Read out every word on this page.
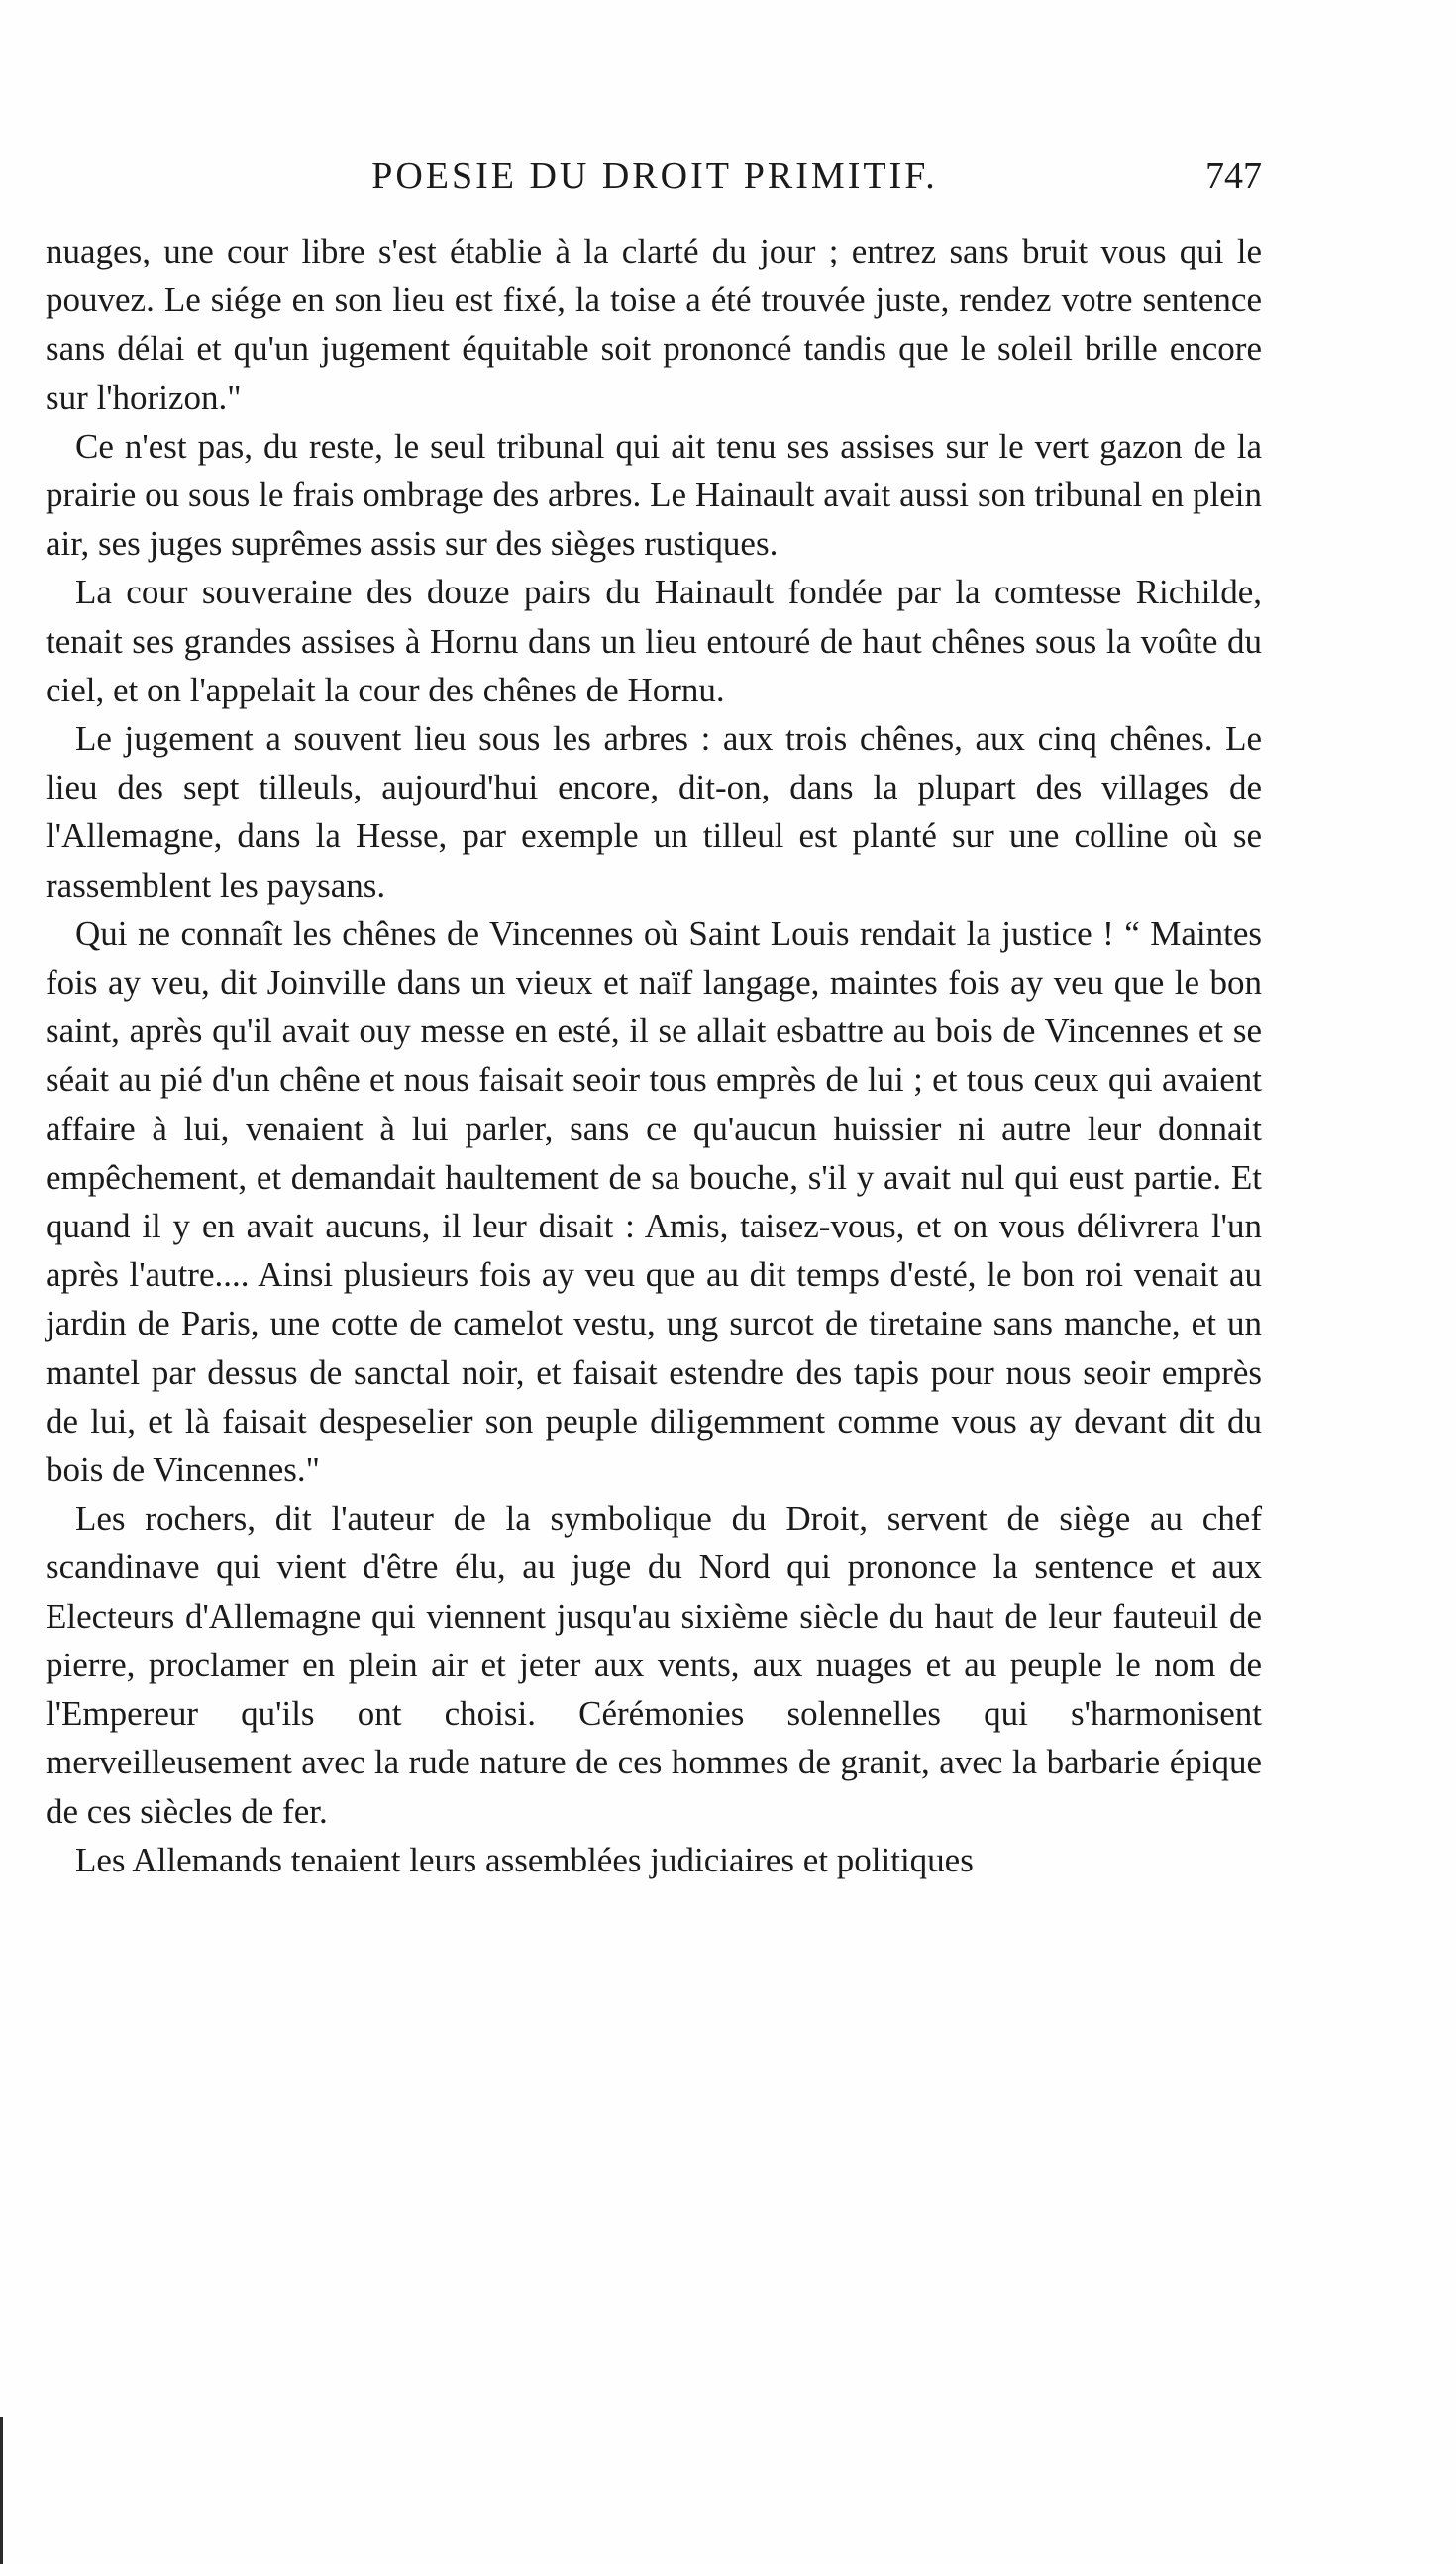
POESIE DU DROIT PRIMITIF.	747

nuages, une cour libre s'est établie à la clarté du jour ; entrez sans bruit vous qui le pouvez. Le siége en son lieu est fixé, la toise a été trouvée juste, rendez votre sentence sans délai et qu'un jugement équitable soit prononcé tandis que le soleil brille encore sur l'horizon."

Ce n'est pas, du reste, le seul tribunal qui ait tenu ses assises sur le vert gazon de la prairie ou sous le frais ombrage des arbres. Le Hainault avait aussi son tribunal en plein air, ses juges suprêmes assis sur des sièges rustiques.

La cour souveraine des douze pairs du Hainault fondée par la comtesse Richilde, tenait ses grandes assises à Hornu dans un lieu entouré de haut chênes sous la voûte du ciel, et on l'appelait la cour des chênes de Hornu.

Le jugement a souvent lieu sous les arbres : aux trois chênes, aux cinq chênes. Le lieu des sept tilleuls, aujourd'hui encore, dit-on, dans la plupart des villages de l'Allemagne, dans la Hesse, par exemple un tilleul est planté sur une colline où se rassemblent les paysans.

Qui ne connaît les chênes de Vincennes où Saint Louis rendait la justice ! “ Maintes fois ay veu, dit Joinville dans un vieux et naïf langage, maintes fois ay veu que le bon saint, après qu'il avait ouy messe en esté, il se allait esbattre au bois de Vincennes et se séait au pié d'un chêne et nous faisait seoir tous emprès de lui ; et tous ceux qui avaient affaire à lui, venaient à lui parler, sans ce qu'aucun huissier ni autre leur donnait empêchement, et demandait haultement de sa bouche, s'il y avait nul qui eust partie. Et quand il y en avait aucuns, il leur disait : Amis, taisez-vous, et on vous délivrera l'un après l'autre.... Ainsi plusieurs fois ay veu que au dit temps d'esté, le bon roi venait au jardin de Paris, une cotte de camelot vestu, ung surcot de tiretaine sans manche, et un mantel par dessus de sanctal noir, et faisait estendre des tapis pour nous seoir emprès de lui, et là faisait despeselier son peuple diligemment comme vous ay devant dit du bois de Vincennes."

Les rochers, dit l'auteur de la symbolique du Droit, servent de siège au chef scandinave qui vient d'être élu, au juge du Nord qui prononce la sentence et aux Electeurs d'Allemagne qui viennent jusqu'au sixième siècle du haut de leur fauteuil de pierre, proclamer en plein air et jeter aux vents, aux nuages et au peuple le nom de l'Empereur qu'ils ont choisi. Cérémonies solennelles qui s'harmonisent merveilleusement avec la rude nature de ces hommes de granit, avec la barbarie épique de ces siècles de fer.

Les Allemands tenaient leurs assemblées judiciaires et politiques
